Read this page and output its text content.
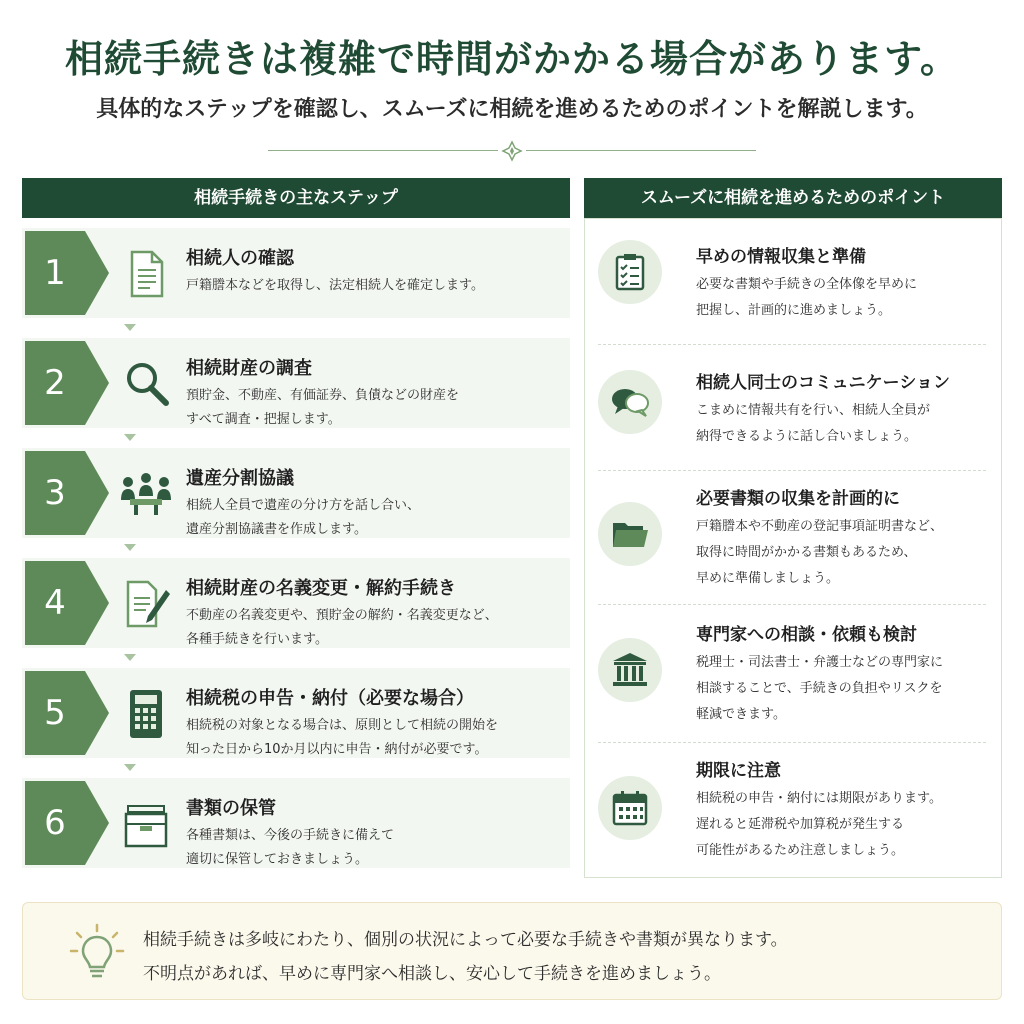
相続手続きは複雑で時間がかかる場合があります。
具体的なステップを確認し、スムーズに相続を進めるためのポイントを解説します。
相続手続きの主なステップ	スムーズに相続を進めるためのポイント
1	相続人の確認
戸籍謄本などを取得し、法定相続人を確定します。
2	相続財産の調査
預貯金、不動産、有価証券、負債などの財産を
すべて調査・把握します。
3	遺産分割協議
相続人全員で遺産の分け方を話し合い、
遺産分割協議書を作成します。
4	相続財産の名義変更・解約手続き
不動産の名義変更や、預貯金の解約・名義変更など、
各種手続きを行います。
5	相続税の申告・納付（必要な場合）
相続税の対象となる場合は、原則として相続の開始を
知った日から10か月以内に申告・納付が必要です。
6	書類の保管
各種書類は、今後の手続きに備えて
適切に保管しておきましょう。
早めの情報収集と準備
必要な書類や手続きの全体像を早めに
把握し、計画的に進めましょう。
相続人同士のコミュニケーション
こまめに情報共有を行い、相続人全員が
納得できるように話し合いましょう。
必要書類の収集を計画的に
戸籍謄本や不動産の登記事項証明書など、
取得に時間がかかる書類もあるため、
早めに準備しましょう。
専門家への相談・依頼も検討
税理士・司法書士・弁護士などの専門家に
相談することで、手続きの負担やリスクを
軽減できます。
期限に注意
相続税の申告・納付には期限があります。
遅れると延滞税や加算税が発生する
可能性があるため注意しましょう。
相続手続きは多岐にわたり、個別の状況によって必要な手続きや書類が異なります。
不明点があれば、早めに専門家へ相談し、安心して手続きを進めましょう。
